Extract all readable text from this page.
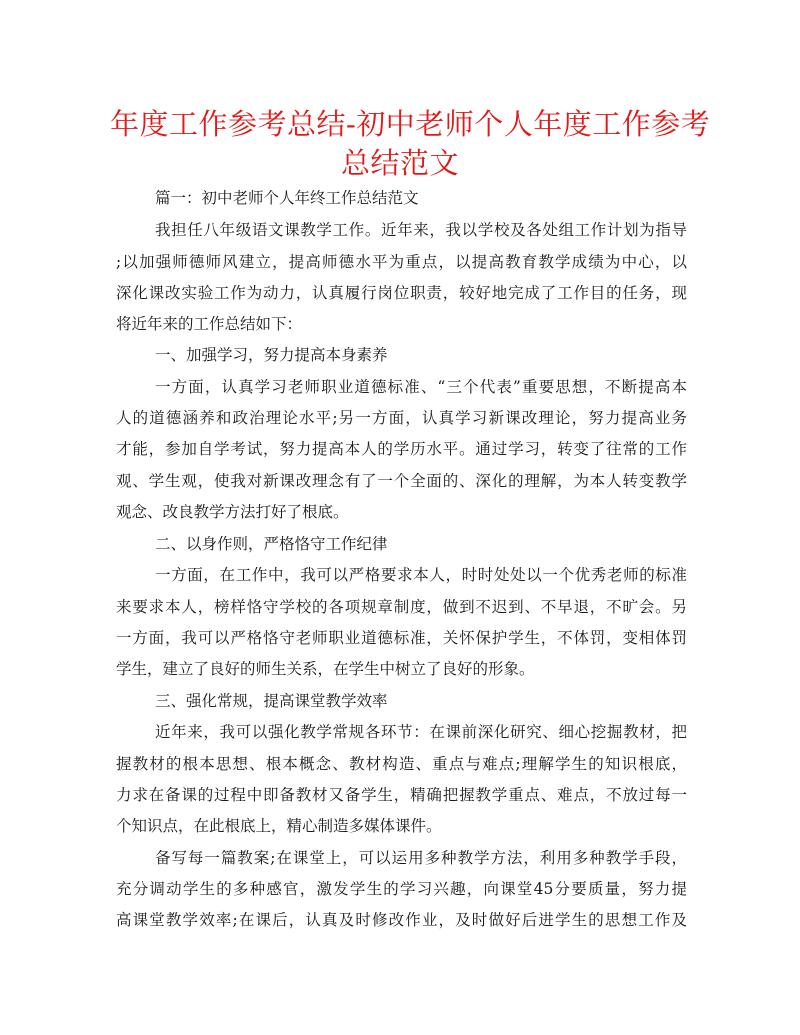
年度工作参考总结-初中老师个人年度工作参考
总结范文
篇一：初中老师个人年终工作总结范文
我担任八年级语文课教学工作。近年来，我以学校及各处组工作计划为指导
;以加强师德师风建立，提高师德水平为重点，以提高教育教学成绩为中心，以
深化课改实验工作为动力，认真履行岗位职责，较好地完成了工作目的任务，现
将近年来的工作总结如下：
一、加强学习，努力提高本身素养
一方面，认真学习老师职业道德标准、“三个代表”重要思想，不断提高本
人的道德涵养和政治理论水平;另一方面，认真学习新课改理论，努力提高业务
才能，参加自学考试，努力提高本人的学历水平。通过学习，转变了往常的工作
观、学生观，使我对新课改理念有了一个全面的、深化的理解，为本人转变教学
观念、改良教学方法打好了根底。
二、以身作则，严格恪守工作纪律
一方面，在工作中，我可以严格要求本人，时时处处以一个优秀老师的标准
来要求本人，榜样恪守学校的各项规章制度，做到不迟到、不早退，不旷会。另
一方面，我可以严格恪守老师职业道德标准，关怀保护学生，不体罚，变相体罚
学生，建立了良好的师生关系，在学生中树立了良好的形象。
三、强化常规，提高课堂教学效率
近年来，我可以强化教学常规各环节：在课前深化研究、细心挖掘教材，把
握教材的根本思想、根本概念、教材构造、重点与难点;理解学生的知识根底，
力求在备课的过程中即备教材又备学生，精确把握教学重点、难点，不放过每一
个知识点，在此根底上，精心制造多媒体课件。
备写每一篇教案;在课堂上，可以运用多种教学方法，利用多种教学手段，
充分调动学生的多种感官，激发学生的学习兴趣，向课堂45分要质量，努力提
高课堂教学效率;在课后，认真及时修改作业，及时做好后进学生的思想工作及
